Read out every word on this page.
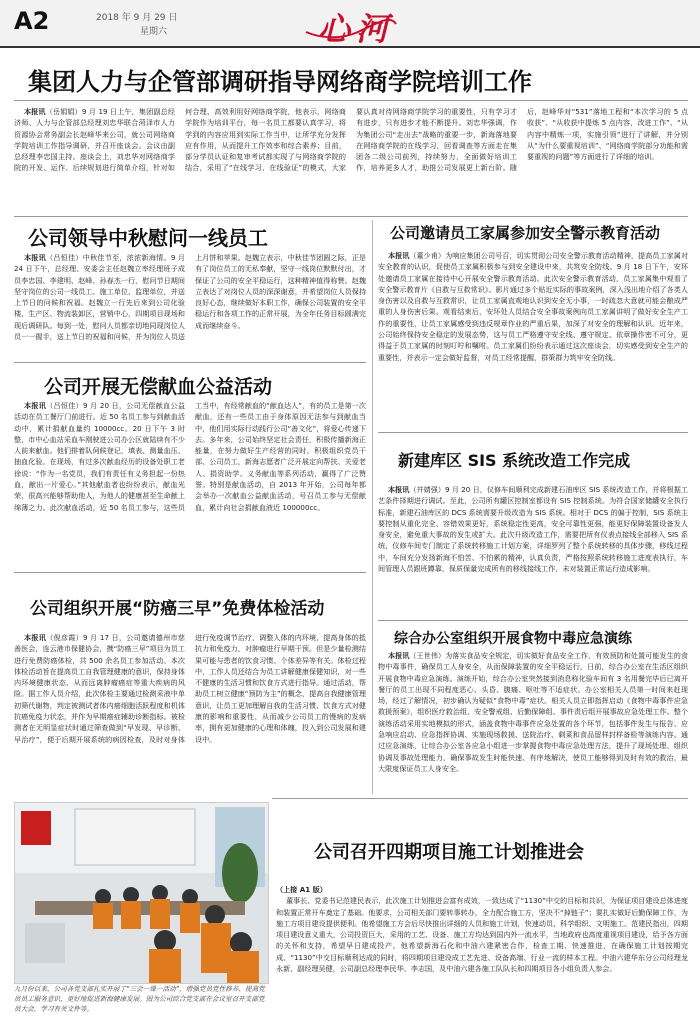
A2	2018 年 9 月 29 日
星期六	心河
集团人力与企管部调研指导网络商学院培训工作
本报讯（岳娟娟）9 月 19 日上午，集团副总经济师、人力与企管部总经理刘忠华联合菏泽市人力资源协会常务副会长赵峰华来公司，就公司网络商学院培训工作指导调研，并召开座谈会。会议由副总经理李忠国主持。座谈会上，刘忠华对网络商学院的开发、运作、后续规划进行简单介绍，针对如何合理、高效利用好网络商学院，他表示，网络商学院作为培训平台，每一名员工都要认真学习，将学到的内容应用到实际工作当中，让所学充分发挥应有作用，从而提升工作效率和综合素养；目前，部分学员认证和复审考试都实现了与网络商学院的结合，采用了“在线学习、在线验证”的模式，大家要认真对待网络商学院学习的重要性，只有学习才有进步，只有进步才能不断提升。刘忠华强调，作为集团公司“走出去”战略的重要一步，新海落地要在网络商学院的在线学习，回看调查等方面走在集团各二级公司前列，持续努力，全面做好培训工作，培养更多人才，助推公司发展更上新台阶。随后，赵峰华对“531”落地工程和“本次学习的 5 点收获”、“从收获中提炼 5 点内容，改进工作”、“从内容中精炼一项，实施引领”进行了讲解，并分别从“为什么要重视培训”、“网络商学院部分功能和需要重视的问题”等方面进行了详细的培训。
公司领导中秋慰问一线员工
本报讯（吕恒佳）中秋佳节至，浓浓新海情。9 月 24 日下午，总经理、安委会主任赵魏立率经理班子成员李忠国、李建明、赵峰、孙春杰一行，慰问节日期间坚守岗位的公司一线员工、施工单位、监理单位，并送上节日的问候和祝福。赵魏立一行先后来到公司化验楼、生产区、物流装卸区，营销中心，四期项目现场和现后调研队。每到一处，慰问人员都亲切地同现岗位人员一一握手，送上节日的祝福和问候，并为岗位人员送上月饼和苹果。赵魏立表示，中秋佳节团圆之际，正是有了岗位员工的无私奉献，坚守一线岗位默默付出，才保证了公司的安全平稳运行，这种精神值得称赞。赵魏立表达了对岗位人员的深深谢意，并希望岗位人员保持良好心态，继续做好本职工作，确保公司装置的安全平稳运行和各项工作的正常开展，为全年任务目标圆满完成而继续奋斗。
公司邀请员工家属参加安全警示教育活动
本报讯（董少甫）为响应集团公司号召，切实贯彻公司安全警示教育活动精神，提高员工家属对安全教育的认识，促使员工家属积极参与到安全建设中来，共筑安全防线。9 月 18 日下午，安环处邀请员工家属在接待中心开展安全警示教育活动。此次安全警示教育活动，员工家属集中观看了安全警示教育片《自救与互救常识》。影片通过多个贴近实际的事故案例，深入浅出地介绍了各类人身伤害以及自救与互救常识，让员工家属直观地认识到安全无小事，一时疏忽大意就可能会酿成严重的人身伤害后果。观看结束后，安环处人员结合安全事故案例向员工家属讲明了做好安全生产工作的重要性，让员工家属感受到违反规章作业的严重后果，加深了对安全的理解和认识。近年来，公司始终保持安全稳定的发展态势，这与员工严格遵守安全线、遵守规定、依章操作密不可分，更得益于员工家属的时刻叮咛和嘱咐。员工家属们纷纷表示通过这次座谈会，切实感受到安全生产的重要性，并表示一定会做好监督，对员工经常提醒，群策群力筑牢安全防线。
公司开展无偿献血公益活动
本报讯（吕恒佳）9 月 20 日，公司无偿献血公益活动在员工餐厅门前进行。近 50 名员工参与到献血活动中，累计捐献血量约 10000cc。20 日下午 3 时整，市中心血站采血车刚驶进公司办公区就陆续有不少人前来献血。他们排着队伺候登记，填表、测量血压、抽血化验。在现场，有过多次献血经历的设备处职工老徐说：“作为一名党员，我们有责任有义务担起一份热血，献出一片爱心。”其他献血者也纷纷表示，献血光荣，很高兴能够帮助他人，为他人的健康甚至生命献上绵薄之力。此次献血活动，近 50 名员工参与，这些员工当中，有经常献血的“献血达人”，有的员工是第一次献血，还有一些员工由于身体原因无法参与到献血当中，他们用实际行动践行公司“善文化”，将爱心传递下去。多年来，公司始终坚定社会责任，积极传播新海正能量，在努力做好生产经营的同时，积极组织党员干部、公司员工，新海志愿者广泛开展定向帮扶、关爱老人、捐资助学、义务献血等系列活动，赢得了广泛赞誉。特别是献血活动，自 2013 年开始，公司每年都会举办一次献血公益献血活动，号召员工参与无偿献血，累计向社会捐献血液近 100000cc。
新建库区 SIS 系统改造工作完成
本报讯（井婧强）9 月 20 日，仪修车间顺利完成新建石油库区 SIS 系统改造工作，并将根据工艺条件择期进行调试。至此，公司所有罐区控制室都设有 SIS 控制系统。为符合国家储罐安全执行标准，新建石油库区的 DCS 系统需要升级改造为 SIS 系统。相对于 DCS 的偏于控制，SIS 系统主要控制从重化完全、容错效果更好，系统稳定性更高，安全可靠性更强，能更好保障装置设备发人身安全，避免重大事故的发生或扩大。此次升级改造工作，需要把所有仪表点接线全部移入 SIS 系统，仪修车间专门制定了系统转移施工计划方案，详细罗列了整个系统转移的具体步骤，移线过程中，车间充分发扬新海不怕苦、不怕累的精神，认真负责，严格按照系统转移施工进度表执行，车间管理人员跟班蹲靠，保质保量完成所有的移线接线工作，未对装置正常运行造成影响。
公司组织开展“防癌三早”免费体检活动
本报讯（倪彦霞）9 月 17 日，公司邀请德州市慈善医会，连云港市保健协会，携“防癌三早”项目为员工进行免费防癌体检，共 500 余名员工参加活动。本次体检活动旨在提高员工自我管理健康的意识，保持身体内环境健康状态，从而远离肿瘤癌症等重大疾病的风险。据工作人员介绍，此次体检主要通过检测采液中单初筛代谢物，判定被测试者体内癌细胞活跃程度和机体抗癌免疫力状态，并作为早期癌症辅助诊断指标。被检测者在无明显症状时通过筛查做到“早发现、早诊断、早治疗”，便于后期开展系统的病因检查，及时对身体进行免疫调节治疗，调整人体的内环境，提高身体的抵抗力和免疫力，对肿瘤进行早期干预。但是少量检测结果可能与患者的饮食习惯、个体差异等有关。体检过程中，工作人员还结合为员工讲解健康保健知识，对一些不健康的生活习惯和饮食方式进行指导。通过活动，帮助员工树立健康“预防为主”的概念，提高自我健康管理意识，让员工更加理解自我的生活习惯、饮食方式对健康的影响和重要性，从而减少公司员工的慢病的发病率，拥有更加健康的心理和体魄，投入到公司发展和建设中。
综合办公室组织开展食物中毒应急演练
本报讯（王世伟）为落实食品安全规定，切实做好食品安全工作，有效预防和处置可能发生的食物中毒事件，确保员工人身安全，从而保障装置的安全平稳运行，日前，综合办公室在生活区组织开展食物中毒应急演练。演练开始，综合办公室突然接到消息称化验车间有 3 名用餐完毕后已离开餐厅的员工出现不同程度恶心、头昏、腹痛、呕吐等不适症状。办公室相关人员第一时间来赶现场，经过了解情况，初步确认为疑似“食物中毒”症状。相关人员立即指挥启动《食物中毒事件应急救援预案》，组织医疗救治组、安全警戒组、后勤保障组、事件责后组开展事故应急处理工作。整个演练活动采用实地模拟的形式，涵盖食物中毒事件应急处置的各个环节，包括事件发生与报告、应急响应启动、应急指挥协调、实施现场救援、送院治疗、剩菜和食品留样封样备检等演练内容。通过应急演练，让综合办公室各应急小组进一步掌握食物中毒应急处理方法，提升了现场处理、组织协调及事故处理能力，确保事故发生时能快速、有序地解决，使员工能够得到及时有效的救治，最大限度保证员工人身安全。
九月份以来，公司各党支部扎实开展了“三会一课一活动”，增强党员党性修养、提高党员员工服务意识，更好地促进新海健康发展。图为公司综合党支部在会议室召开支部党员大会，学习有关文件等。
公司召开四期项目施工计划推进会
（上接 A1 版）
董事长、党委书记范建民表示，此次施工计划推进会富有成效，一致达成了“1130”中交的目标和共识，为保证项目建设总体进度和装置正常开车奠定了基础。他要求，公司相关部门要转事转办，全力配合施工方，坚决不“掉链子”；要扎实做好后勤保障工作，为施工方项目建设提供便利。他希望施工方会后尽快推出详细的人员和施工计划，快速动员、科学组织、文明施工。范建民指出，四期项目建设意义重大，公司投资巨大，采用的工艺、设备、施工方均达到国内外一流水平，当地政府也高度重视项目建设，给予各方面的关怀和支持，希望早日建成投产。他希望新海石化和中油六建紧密合作，检查工期、快速推进，在确保施工计划按期完成、“1130”中交目标顺利达成的同时，将四期项目建设成工艺先进、设备高端、行业一流的样本工程。中油六建华东分公司经理龙永新、副经理吴健，公司副总经理李民华、李志国，及中油六建各施工队队长和四期项目各小组负责人参会。
